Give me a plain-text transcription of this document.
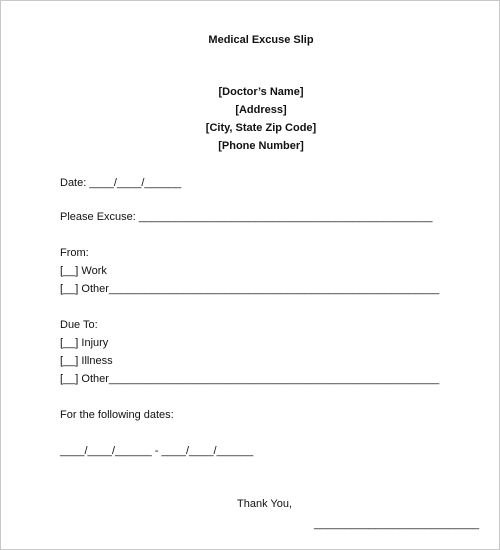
Medical Excuse Slip
[Doctor’s Name]
[Address]
[City, State Zip Code]
[Phone Number]
Date: ____/____/______
Please Excuse: ________________________________________________
From:
[__] Work
[__] Other______________________________________________________
Due To:
[__] Injury
[__] Illness
[__] Other______________________________________________________
For the following dates:
____/____/______ - ____/____/______
Thank You,
___________________________
